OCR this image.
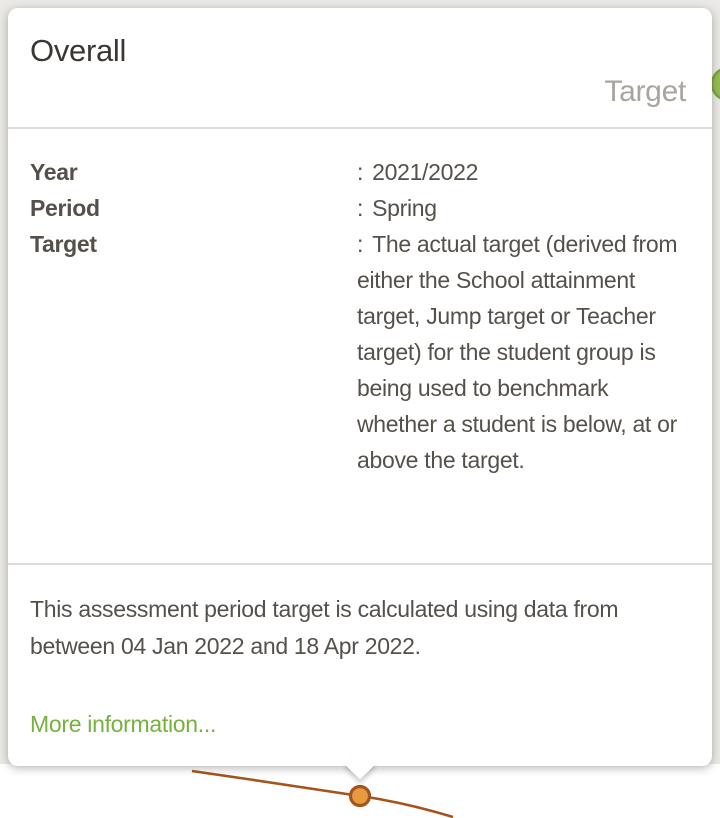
Overall
Target
Year	: 2021/2022
Period	: Spring
Target	: The actual target (derived from either the School attainment target, Jump target or Teacher target) for the student group is being used to benchmark whether a student is below, at or above the target.
This assessment period target is calculated using data from between 04 Jan 2022 and 18 Apr 2022.
More information...
